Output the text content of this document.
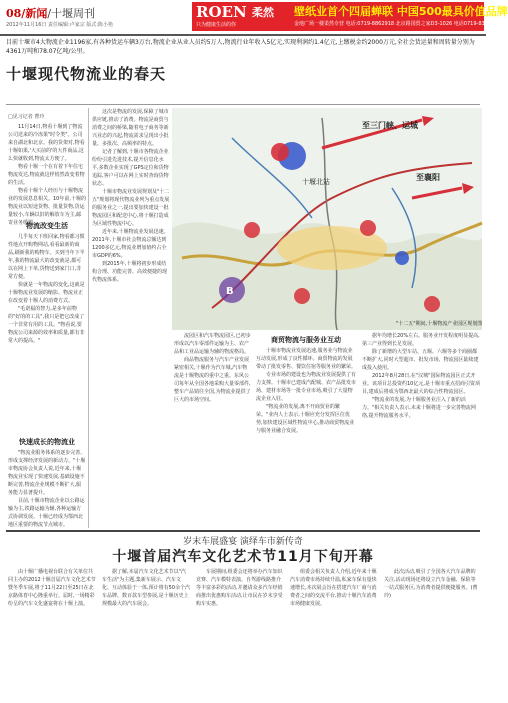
08/新闻/十堰周刊
2012年11月16日 责任编辑:卢家宗 版式:陈小艳
ROEN 柔然
只为健康生活的你
壁纸业首个四届蝉联 中国500最具价值品牌
金地广场一楼柔然专营 电话:0719-8862918 北京路国贸之家D3-1026 电话0719-8322099
目前十堰市4大物流企业1196家,有各种货运车辆3万台,物流企业从业人员约5万人,物流行业年收入5亿元,实现利润约1.4亿元,上缴税金约2000万元,全社会货运量和周转量分别为4361万吨和78.07亿吨/公里。
十堰现代物流业的春天
□见习记者 曹玲

11月14日,物看十堰到了物流公司送来的冷冻果"时令类"。公司来自湖北和北京。我的货架对,物看十堰如果,'大买前的'的大件商品,这么快就收到,物流太方便了。

物看十堰一个在有着下年住宅物流发达,物流就这样悄然改变着物的生活。

物看十堰个人经历与十堰物流业的发展息息相关。10年前,十堰的物流业以短途货物、批量货物,货运量较小,车辆以旧的解放车为主,邮寄业务缓慢。

物流改变生活

几乎每天下班回家,物看都习惯性地点开购物网站,看看最新的商品,刷新我的购物车。买到当年下半年,我的物流最大的改变就是,都可以在网上下单,货物送到家门口,非常方便。

快就是一年物流的变化,这就是十堰物流业发展的缩影。物流业正在改变着十堰人的消费方式。

"毛诺福的智力,是多年前物的"好的的工具",我只是把它改成了一个非常有用的工具。"物看说,要物流公司来源的效率和质量,都有非常大的提高。"

快速成长的物流业

"物流业服务体系的逐步完善、形成支撑经济发展的新动力。"十堰市物流协会负责人说,近年来,十堰物流业实现了快速发展,基础设施不断完善,物流企业规模不断扩大,服务能力显著提升。

目前,十堰市物流企业以公路运输为主,铁路运输为辅,各种运输方式协调发展。十堰已经成为鄂西北地区重要的物流节点城市。

这次是物流的发展,保障了城市供应链,推动了消费。物流是商贸与消费之间的桥梁,随着电子商务等新兴业态的兴起,物流需求呈现出小批量、多批次、高频率的特点。

记者了解到,十堰市各物流企业纷纷引进先进技术,提升信息化水平,多数企业实现了GPS定位和货物追踪,客户可以在网上实时查询货物状态。

十堰市物流业发展规划及"十二五"规划将现代物流业列为重点发展的服务业之一,提出要加快建设一批物流园区和配送中心,将十堰打造成为区域性物流中心。

近年来,十堰物流业发展迅速。2011年,十堰市社会物流总额达到1200多亿元,物流业增加值约占全市GDP的6%。

到2015年,十堰将初步形成结构合理、功能完善、高效便捷的现代物流体系。

至三门峡、运城
至襄阳
十堰北站
B
"十二五"期间,十堰物流产业园区规划图

流园区和汽车物流园区,已初步形成以汽车零部件运输为主、农产品和工业品运输为辅的物流格局。

商品物流服务与汽车产业发展紧密相关,十堰作为汽车城,汽车物流是十堰物流的重中之重。东风公司每年从全国各地采购大量零部件,整车产品销往全国,为物流业提供了巨大的市场空间。

商贸物流与服务业互动

十堰市物流业发展迅速,服务业与物流业互动发展,形成了良性循环。商贸物流的发展带动了批发零售、餐饮住宿等服务业的繁荣。

专业市场的建设也为物流业发展提供了有力支撑。十堰市已建成汽配城、农产品批发市场、建材市场等一批专业市场,吸引了大量物流企业入驻。

"物流业的发展,离不开商贸业的繁荣。"业内人士表示,十堰应充分发挥区位优势,加快建设区域性物流中心,推动商贸物流业与服务业融合发展。

据年均增长20%左右。服务业开发程度明显提高,第三产业得到长足发展。

除了新增的大型车站、五堰、六堰等多个商圈都不断扩大,同时大型超市、批发市场、物流园区陆续建成投入使用。

2012年8月28日,在"汉城"国际物流园区正式开业。该项目总投资约10亿元,是十堰市重点招商引资项目,建成后将成为鄂西北最大的综合性物流园区。

"物流业的发展,为十堰服务业注入了新的活力。"相关负责人表示,未来十堰将进一步完善物流网络,提升物流服务水平。

岁末车展盛宴 演绎车市新传奇
十堰首届汽车文化艺术节11月下旬开幕

由十堰广播电视台联合有关单位共同主办的2012十堰首届汽车文化艺术节暨冬季车展,将于11月22日至25日在北京路体育中心隆重举行。届时,一场精彩纷呈的汽车文化盛宴将在十堰上演。

据了解,本届汽车文化艺术节以"汽车生活"为主题,集新车展示、汽车文化、互动体验于一体,预计将有50余个汽车品牌、数百款车型参展,是十堰历史上规模最大的汽车展会。

车展期间,组委会还将举办汽车知识竞赛、汽车模特表演、自驾游线路推介等丰富多彩的活动,并邀请众多汽车经销商推出优惠购车活动,让市民在岁末享受购车实惠。

组委会相关负责人介绍,近年来十堰汽车消费市场持续升温,私家车保有量快速增长,本次展会旨在搭建汽车厂商与消费者之间的交流平台,推动十堰汽车消费市场健康发展。

此次活动,吸引了全国各大汽车品牌的关注,活动现场还将设立汽车金融、保险等一站式服务区,为消费者提供便捷服务。(曹玲)
